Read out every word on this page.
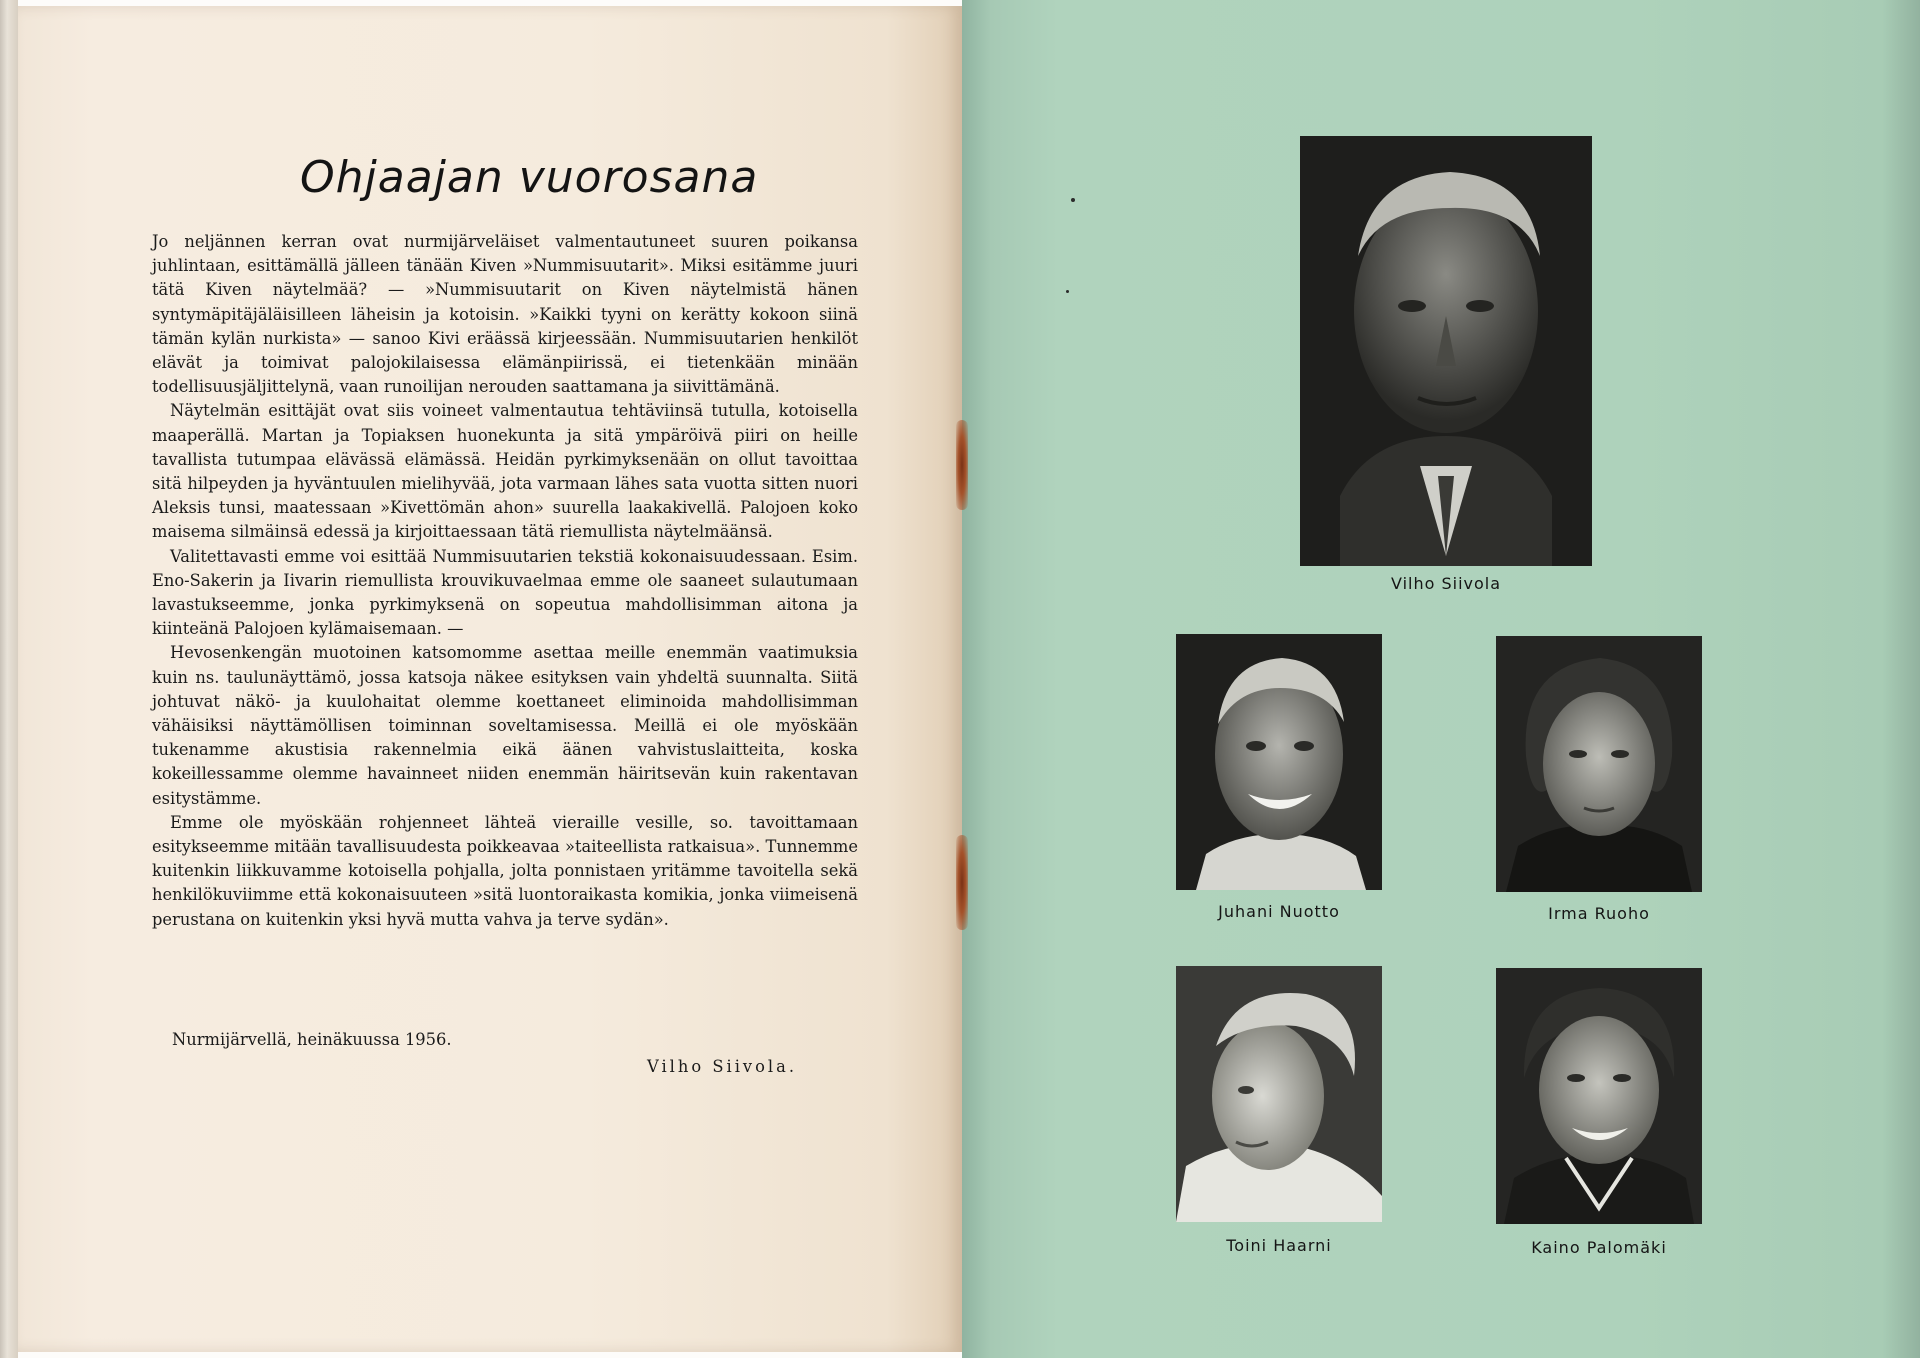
Ohjaajan vuorosana

Jo neljännen kerran ovat nurmijärveläiset valmentautuneet suuren poikansa juhlintaan, esittämällä jälleen tänään Kiven »Nummisuutarit». Miksi esitämme juuri tätä Kiven näytelmää? — »Nummisuutarit on Kiven näytelmistä hänen syntymäpitäjäläisilleen läheisin ja kotoisin. »Kaikki tyyni on kerätty kokoon siinä tämän kylän nurkista» — sanoo Kivi eräässä kirjeessään. Nummisuutarien henkilöt elävät ja toimivat palojokilaisessa elämänpiirissä, ei tietenkään minään todellisuusjäljittelynä, vaan runoilijan nerouden saattamana ja siivittämänä.

Näytelmän esittäjät ovat siis voineet valmentautua tehtäviinsä tutulla, kotoisella maaperällä. Martan ja Topiaksen huonekunta ja sitä ympäröivä piiri on heille tavallista tutumpaa elävässä elämässä. Heidän pyrkimyksenään on ollut tavoittaa sitä hilpeyden ja hyväntuulen mielihyvää, jota varmaan lähes sata vuotta sitten nuori Aleksis tunsi, maatessaan »Kivettömän ahon» suurella laakakivellä. Palojoen koko maisema silmäinsä edessä ja kirjoittaessaan tätä riemullista näytelmäänsä.

Valitettavasti emme voi esittää Nummisuutarien tekstiä kokonaisuudessaan. Esim. Eno-Sakerin ja Iivarin riemullista krouvikuvaelmaa emme ole saaneet sulautumaan lavastukseemme, jonka pyrkimyksenä on sopeutua mahdollisimman aitona ja kiinteänä Palojoen kylämaisemaan. —

Hevosenkengän muotoinen katsomomme asettaa meille enemmän vaatimuksia kuin ns. taulunäyttämö, jossa katsoja näkee esityksen vain yhdeltä suunnalta. Siitä johtuvat näkö- ja kuulohaitat olemme koettaneet eliminoida mahdollisimman vähäisiksi näyttämöllisen toiminnan soveltamisessa. Meillä ei ole myöskään tukenamme akustisia rakennelmia eikä äänen vahvistuslaitteita, koska kokeillessamme olemme havainneet niiden enemmän häiritsevän kuin rakentavan esitystämme.

Emme ole myöskään rohjenneet lähteä vieraille vesille, so. tavoittamaan esitykseemme mitään tavallisuudesta poikkeavaa »taiteellista ratkaisua». Tunnemme kuitenkin liikkuvamme kotoisella pohjalla, jolta ponnistaen yritämme tavoitella sekä henkilökuviimme että kokonaisuuteen »sitä luontoraikasta komikia, jonka viimeisenä perustana on kuitenkin yksi hyvä mutta vahva ja terve sydän».

Nurmijärvellä, heinäkuussa 1956.
Vilho Siivola.
Vilho Siivola
Juhani Nuotto	Irma Ruoho
Toini Haarni	Kaino Palomäki
